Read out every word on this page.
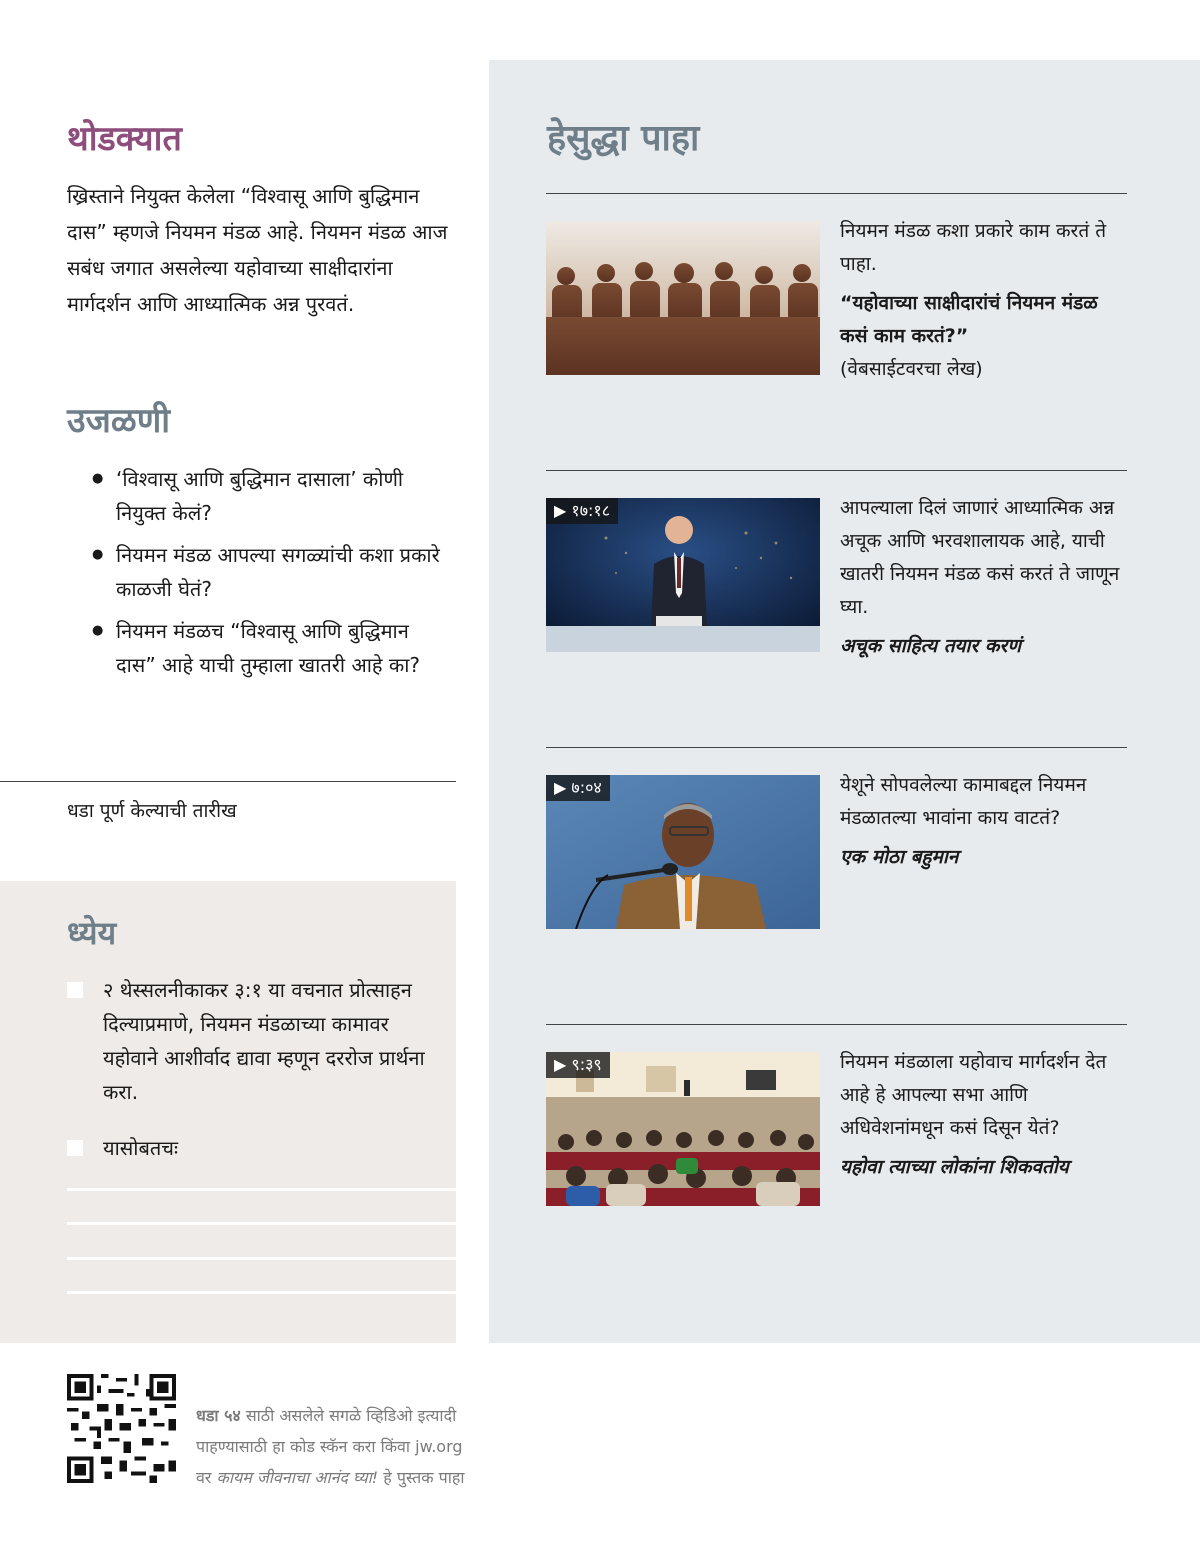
थोडक्यात

ख्रिस्ताने नियुक्त केलेला “विश्वासू आणि बुद्धिमान दास” म्हणजे नियमन मंडळ आहे. नियमन मंडळ आज सबंध जगात असलेल्या यहोवाच्या साक्षीदारांना मार्गदर्शन आणि आध्यात्मिक अन्न पुरवतं.

उजळणी
● ‘विश्वासू आणि बुद्धिमान दासाला’ कोणी नियुक्त केलं?
● नियमन मंडळ आपल्या सगळ्यांची कशा प्रकारे काळजी घेतं?
● नियमन मंडळच “विश्वासू आणि बुद्धिमान दास” आहे याची तुम्हाला खातरी आहे का?
धडा पूर्ण केल्याची तारीख
ध्येय
२ थेस्सलनीकाकर ३:१ या वचनात प्रोत्साहन दिल्याप्रमाणे, नियमन मंडळाच्या कामावर यहोवाने आशीर्वाद द्यावा म्हणून दररोज प्रार्थना करा.
यासोबतचः
हेसुद्धा पाहा
नियमन मंडळ कशा प्रकारे काम करतं ते पाहा.
“यहोवाच्या साक्षीदारांचं नियमन मंडळ कसं काम करतं?”
(वेबसाईटवरचा लेख)
▶ १७:१८	आपल्याला दिलं जाणारं आध्यात्मिक अन्न अचूक आणि भरवशालायक आहे, याची खातरी नियमन मंडळ कसं करतं ते जाणून घ्या.
अचूक साहित्य तयार करणं
▶ ७:०४	येशूने सोपवलेल्या कामाबद्दल नियमन मंडळातल्या भावांना काय वाटतं?
एक मोठा बहुमान
▶ ९:३९	नियमन मंडळाला यहोवाच मार्गदर्शन देत आहे हे आपल्या सभा आणि अधिवेशनांमधून कसं दिसून येतं?
यहोवा त्याच्या लोकांना शिकवतोय
धडा ५४ साठी असलेले सगळे व्हिडिओ इत्यादी
पाहण्यासाठी हा कोड स्कॅन करा किंवा jw.org
वर कायम जीवनाचा आनंद घ्या! हे पुस्तक पाहा
